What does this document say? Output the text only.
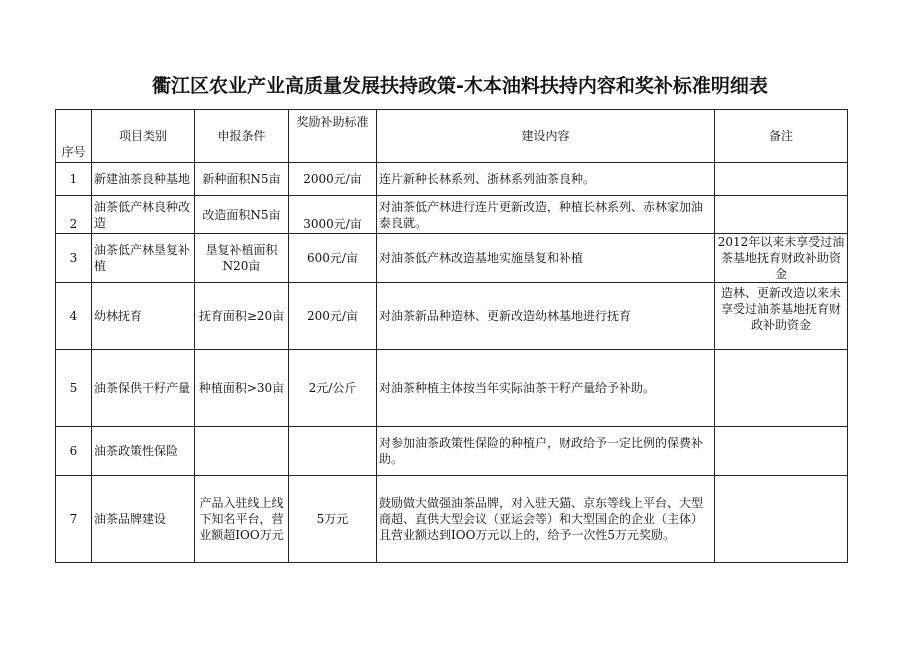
衢江区农业产业高质量发展扶持政策-木本油料扶持内容和奖补标准明细表
序号	项目类别	申报条件	奖励补助标准	建设内容	备注
1	新建油茶良种基地	新种面积N5亩	2000元/亩	连片新种长林系列、浙林系列油茶良种。	
2	油茶低产林良种改造	改造面积N5亩	3000元/亩	对油茶低产林进行连片更新改造，种植长林系列、赤林家加油泰良就。	
3	油茶低产林垦复补植	垦复补植面积N20亩	600元/亩	对油茶低产林改造基地实施垦复和补植	2012年以来未享受过油茶基地抚育财政补助资金
4	幼林抚育	抚育面积≥20亩	200元/亩	对油茶新品种造林、更新改造幼林基地进行抚育	造林、更新改造以来未享受过油茶基地抚育财政补助资金
5	油茶保供干籽产量	种植面积>30亩	2元/公斤	对油茶种植主体按当年实际油茶干籽产量给予补助。	
6	油茶政策性保险			对参加油茶政策性保险的种植户，财政给予一定比例的保费补助。	
7	油茶品牌建设	产品入驻线上线下知名平台，营业额超IOO万元	5万元	鼓励做大做强油茶品牌，对入驻天猫、京东等线上平台、大型商超、直供大型会议（亚运会等）和大型国企的企业（主体）且营业额达到IOO万元以上的，给予一次性5万元奖励。	
